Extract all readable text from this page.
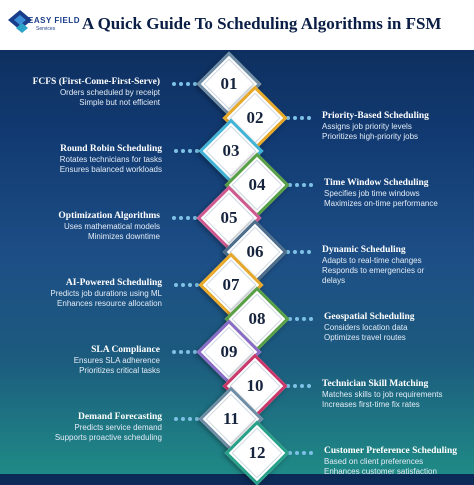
EASY FIELD
Services A Quick Guide To Scheduling Algorithms in FSM
01
FCFS (First-Come-First-Serve)
Orders scheduled by receipt
Simple but not efficient
02	Priority-Based Scheduling
Assigns job priority levels
Prioritizes high-priority jobs
03
Round Robin Scheduling
Rotates technicians for tasks
Ensures balanced workloads
04	Time Window Scheduling
Specifies job time windows
Maximizes on-time performance
05
Optimization Algorithms
Uses mathematical models
Minimizes downtime
06	Dynamic Scheduling
Adapts to real-time changes
Responds to emergencies or
delays
07
AI-Powered Scheduling
Predicts job durations using ML
Enhances resource allocation
08	Geospatial Scheduling
Considers location data
Optimizes travel routes
09
SLA Compliance
Ensures SLA adherence
Prioritizes critical tasks
10	Technician Skill Matching
Matches skills to job requirements
Increases first-time fix rates
11
Demand Forecasting
Predicts service demand
Supports proactive scheduling
12	Customer Preference Scheduling
Based on client preferences
Enhances customer satisfaction
